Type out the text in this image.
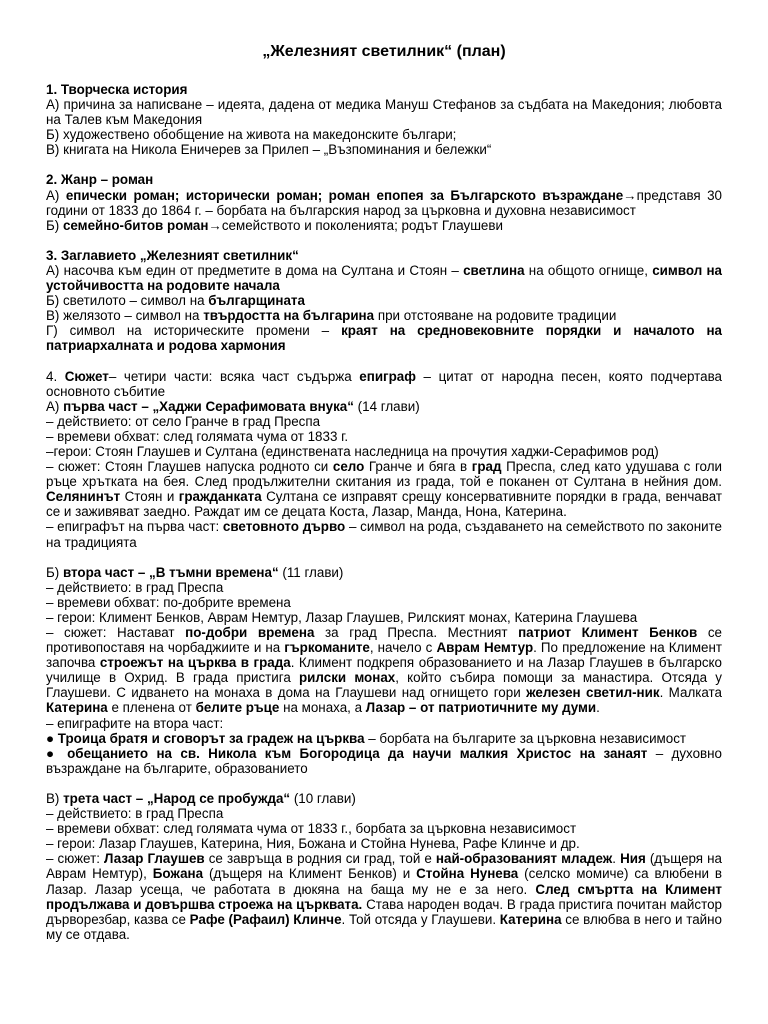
„Железният светилник“ (план)

1. Творческа история

А) причина за написване – идеята, дадена от медика Мануш Стефанов за съдбата на Македония; любовта на Талев към Македония

Б) художествено обобщение на живота на македонските българи;

В) книгата на Никола Еничерев за Прилеп – „Възпоминания и бележки“

2. Жанр – роман

А) епически роман; исторически роман; роман епопея за Българското възраждане→представя 30 години от 1833 до 1864 г. – борбата на българския народ за църковна и духовна независимост

Б) семейно-битов роман→семейството и поколенията; родът Глаушеви

3. Заглавието „Железният светилник“

А) насочва към един от предметите в дома на Султана и Стоян – светлина на общото огнище, символ на устойчивостта на родовите начала

Б) светилото – символ на българщината

В) желязото – символ на твърдостта на българина при отстояване на родовите традиции

Г) символ на историческите промени – краят на средновековните порядки и началото на патриархалната и родова хармония

4. Сюжет– четири части: всяка част съдържа епиграф – цитат от народна песен, която подчертава основното събитие

А) първа част – „Хаджи Серафимовата внука“ (14 глави)

– действието: от село Гранче в град Преспа

– времеви обхват: след голямата чума от 1833 г.

–герои: Стоян Глаушев и Султана (единствената наследница на прочутия хаджи-Серафимов род)

– сюжет: Стоян Глаушев напуска родното си село Гранче и бяга в град Преспа, след като удушава с голи ръце хрътката на бея. След продължителни скитания из града, той е поканен от Султана в нейния дом. Селянинът Стоян и гражданката Султана се изправят срещу консервативните порядки в града, венчават се и заживяват заедно. Раждат им се децата Коста, Лазар, Манда, Нона, Катерина.

– епиграфът на първа част: световното дърво – символ на рода, създаването на семейството по законите на традицията

Б) втора част – „В тъмни времена“ (11 глави)

– действието: в град Преспа

– времеви обхват: по-добрите времена

– герои: Климент Бенков, Аврам Немтур, Лазар Глаушев, Рилският монах, Катерина Глаушева

– сюжет: Настават по-добри времена за град Преспа. Местният патриот Климент Бенков се противопоставя на чорбаджиите и на гъркоманите, начело с Аврам Немтур. По предложение на Климент започва строежът на църква в града. Климент подкрепя образованието и на Лазар Глаушев в българско училище в Охрид. В града пристига рилски монах, който събира помощи за манастира. Отсяда у Глаушеви. С идването на монаха в дома на Глаушеви над огнището гори железен светил-ник. Малката Катерина е пленена от белите ръце на монаха, а Лазар – от патриотичните му думи.

– епиграфите на втора част:

● Троица братя и сговорът за градеж на църква – борбата на българите за църковна независимост

● обещанието на св. Никола към Богородица да научи малкия Христос на занаят – духовно възраждане на българите, образованието

В) трета част – „Народ се пробужда“ (10 глави)

– действието: в град Преспа

– времеви обхват: след голямата чума от 1833 г., борбата за църковна независимост

– герои: Лазар Глаушев, Катерина, Ния, Божана и Стойна Нунева, Рафе Клинче и др.

– сюжет: Лазар Глаушев се завръща в родния си град, той е най-образованият младеж. Ния (дъщеря на Аврам Немтур), Божана (дъщеря на Климент Бенков) и Стойна Нунева (селско момиче) са влюбени в Лазар. Лазар усеща, че работата в дюкяна на баща му не е за него. След смъртта на Климент продължава и довършва строежа на църквата. Става народен водач. В града пристига почитан майстор дърворезбар, казва се Рафе (Рафаил) Клинче. Той отсяда у Глаушеви. Катерина се влюбва в него и тайно му се отдава.
